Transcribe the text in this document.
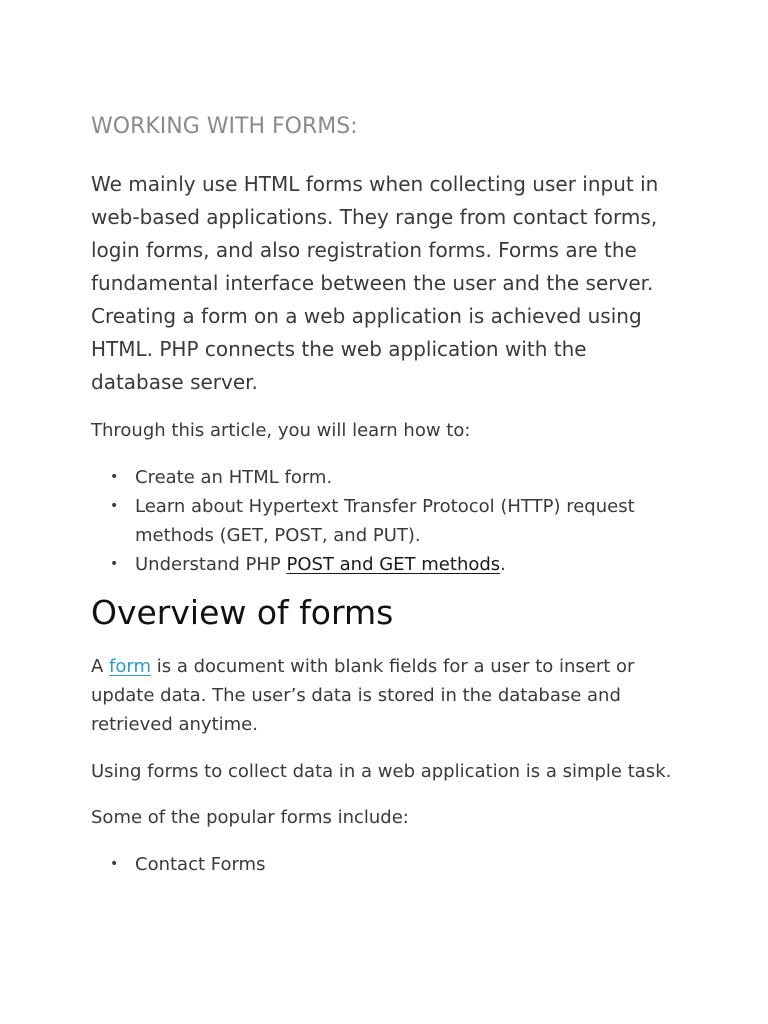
WORKING WITH FORMS:

We mainly use HTML forms when collecting user input in web-based applications. They range from contact forms, login forms, and also registration forms. Forms are the fundamental interface between the user and the server. Creating a form on a web application is achieved using HTML. PHP connects the web application with the database server.

Through this article, you will learn how to:

• Create an HTML form.
• Learn about Hypertext Transfer Protocol (HTTP) request methods (GET, POST, and PUT).
• Understand PHP POST and GET methods.
Overview of forms

A form is a document with blank fields for a user to insert or update data. The user’s data is stored in the database and retrieved anytime.

Using forms to collect data in a web application is a simple task.

Some of the popular forms include:

• Contact Forms
